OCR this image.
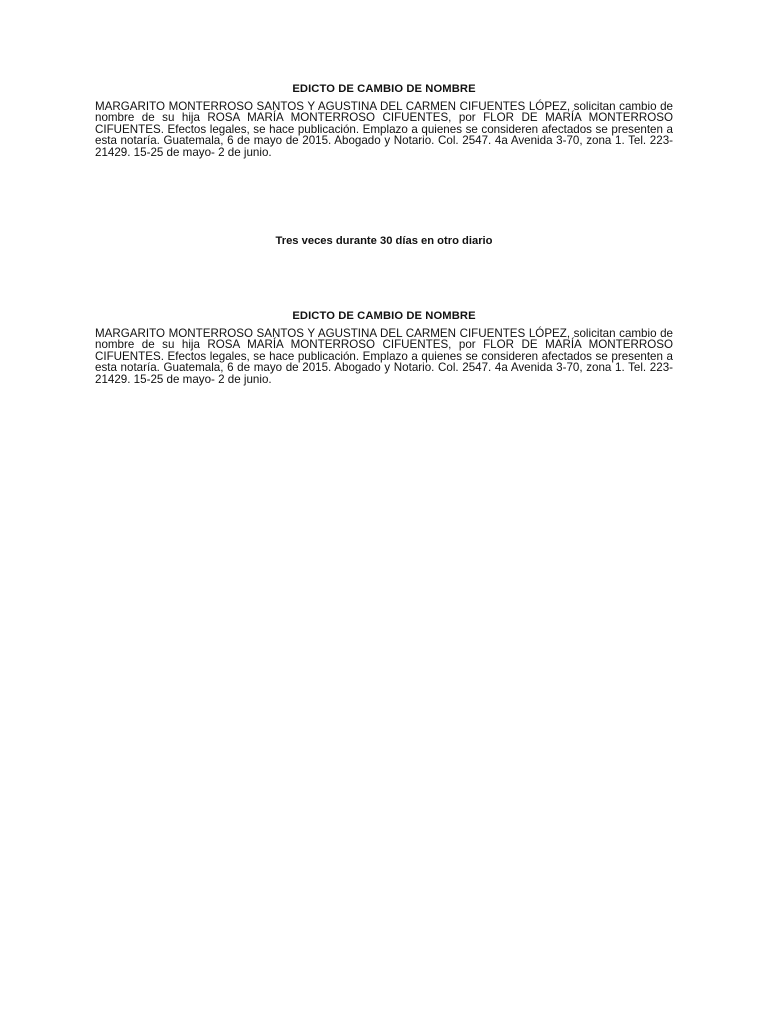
EDICTO DE CAMBIO DE NOMBRE

MARGARITO MONTERROSO SANTOS Y AGUSTINA DEL CARMEN CIFUENTES LÓPEZ, solicitan cambio de nombre de su hija ROSA MARÍA MONTERROSO CIFUENTES, por FLOR DE MARÍA MONTERROSO CIFUENTES. Efectos legales, se hace publicación. Emplazo a quienes se consideren afectados se presenten a esta notaría. Guatemala, 6 de mayo de 2015. Abogado y Notario. Col. 2547. 4a Avenida 3-70, zona 1. Tel. 223-21429. 15-25 de mayo- 2 de junio.

Tres veces durante 30 días en otro diario
EDICTO DE CAMBIO DE NOMBRE

MARGARITO MONTERROSO SANTOS Y AGUSTINA DEL CARMEN CIFUENTES LÓPEZ, solicitan cambio de nombre de su hija ROSA MARÍA MONTERROSO CIFUENTES, por FLOR DE MARÍA MONTERROSO CIFUENTES. Efectos legales, se hace publicación. Emplazo a quienes se consideren afectados se presenten a esta notaría. Guatemala, 6 de mayo de 2015. Abogado y Notario. Col. 2547. 4a Avenida 3-70, zona 1. Tel. 223-21429. 15-25 de mayo- 2 de junio.
